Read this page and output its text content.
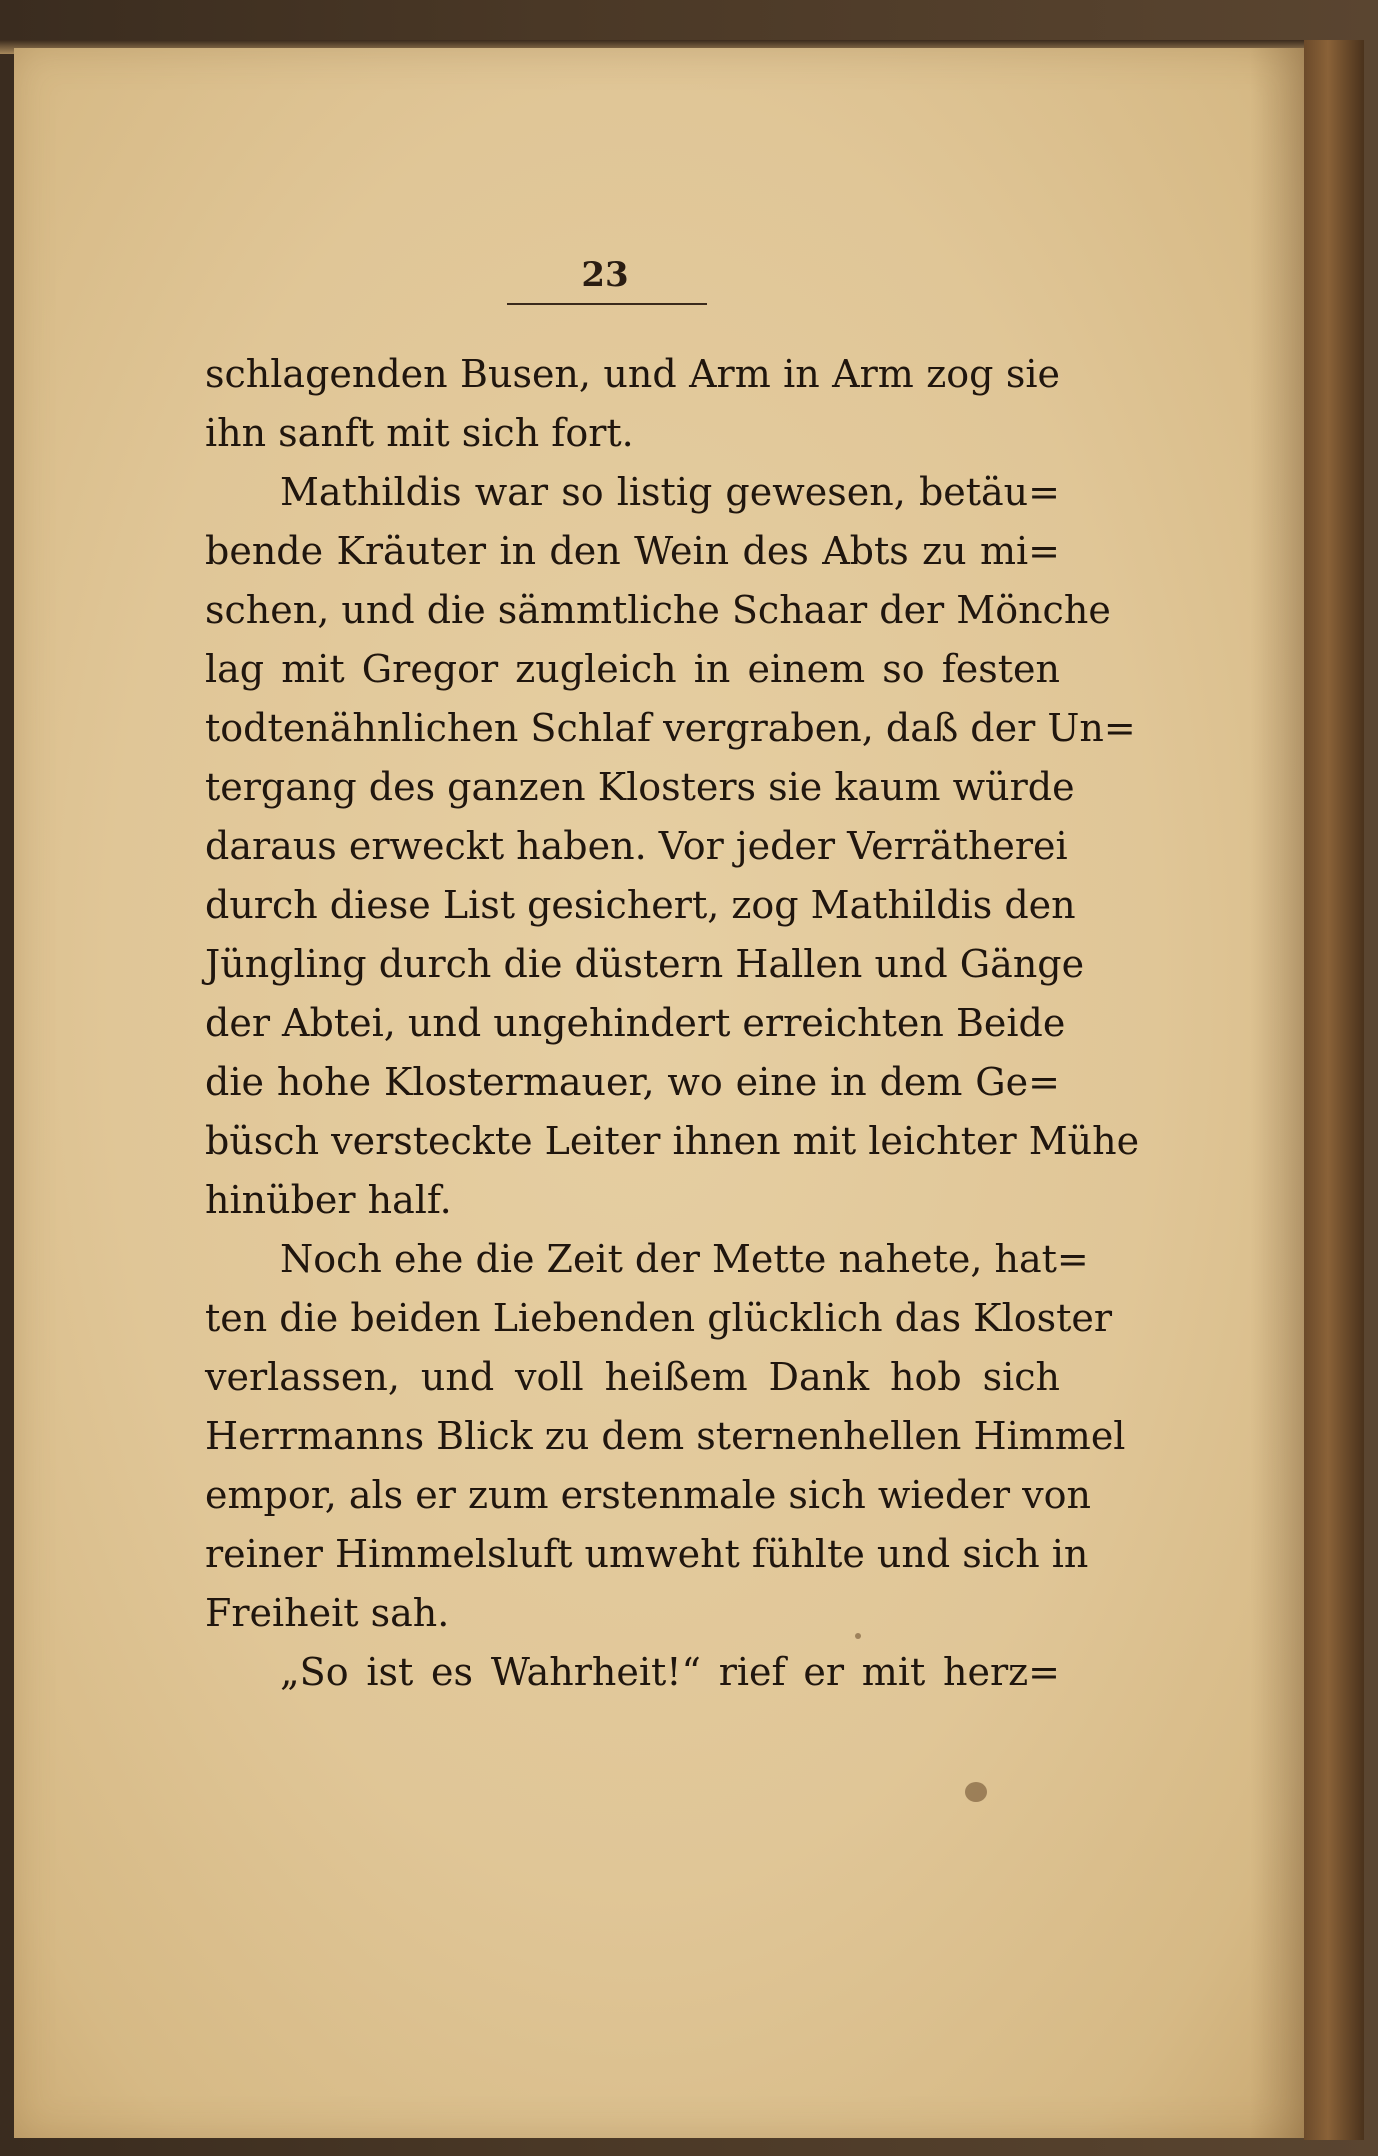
23
schlagenden Busen, und Arm in Arm zog sie
ihn sanft mit sich fort.
Mathildis war so listig gewesen, betäu=
bende Kräuter in den Wein des Abts zu mi=
schen, und die sämmtliche Schaar der Mönche
lag mit Gregor zugleich in einem so festen
todtenähnlichen Schlaf vergraben, daß der Un=
tergang des ganzen Klosters sie kaum würde
daraus erweckt haben. Vor jeder Verrätherei
durch diese List gesichert, zog Mathildis den
Jüngling durch die düstern Hallen und Gänge
der Abtei, und ungehindert erreichten Beide
die hohe Klostermauer, wo eine in dem Ge=
büsch versteckte Leiter ihnen mit leichter Mühe
hinüber half.
Noch ehe die Zeit der Mette nahete, hat=
ten die beiden Liebenden glücklich das Kloster
verlassen, und voll heißem Dank hob sich
Herrmanns Blick zu dem sternenhellen Himmel
empor, als er zum erstenmale sich wieder von
reiner Himmelsluft umweht fühlte und sich in
Freiheit sah.
„So ist es Wahrheit!“ rief er mit herz=
